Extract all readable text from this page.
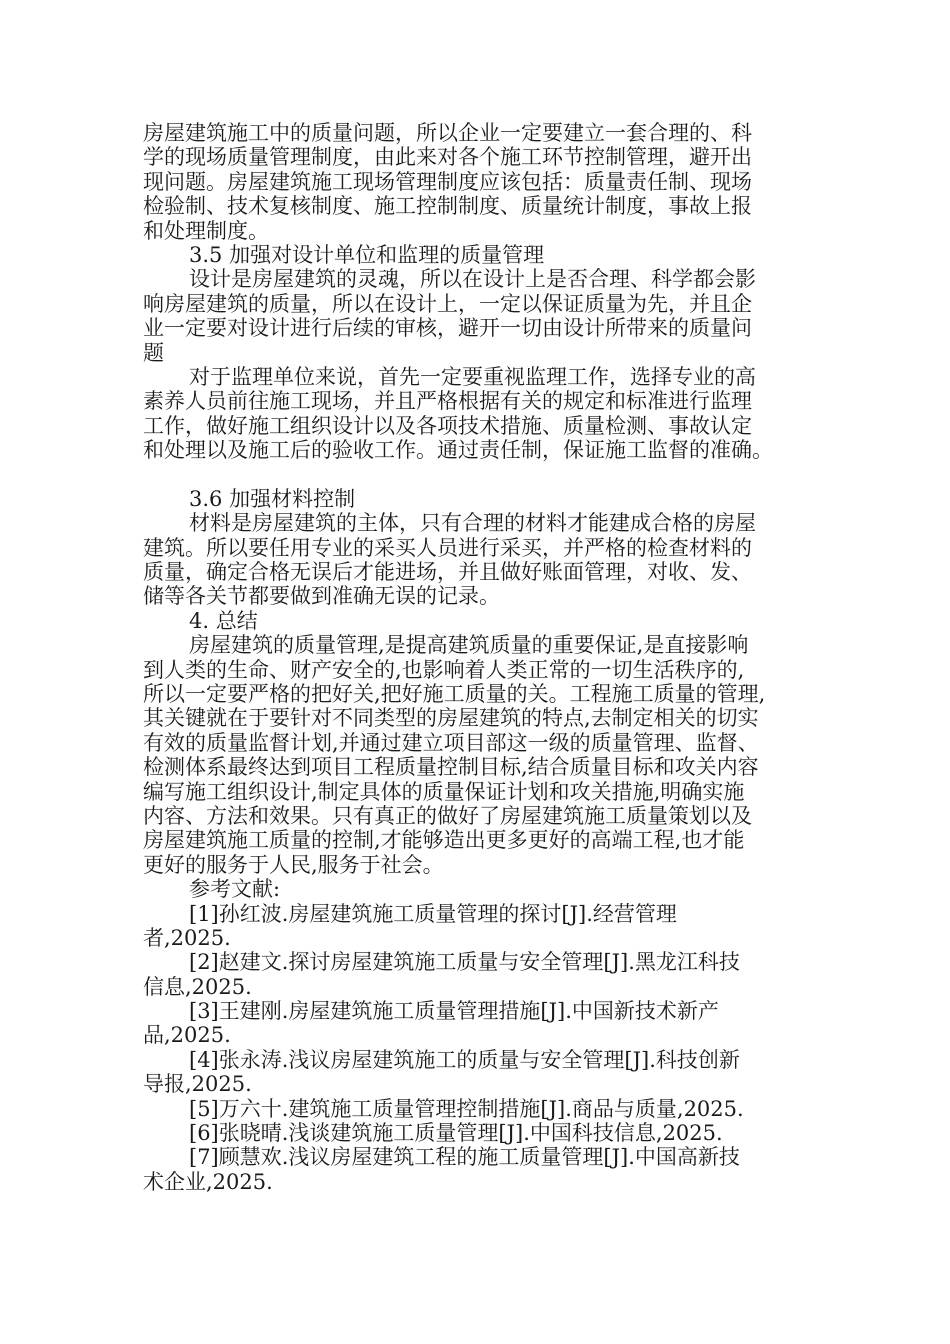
房屋建筑施工中的质量问题，所以企业一定要建立一套合理的、科
学的现场质量管理制度，由此来对各个施工环节控制管理，避开出
现问题。房屋建筑施工现场管理制度应该包括：质量责任制、现场
检验制、技术复核制度、施工控制制度、质量统计制度，事故上报
和处理制度。
3.5 加强对设计单位和监理的质量管理
设计是房屋建筑的灵魂，所以在设计上是否合理、科学都会影
响房屋建筑的质量，所以在设计上，一定以保证质量为先，并且企
业一定要对设计进行后续的审核，避开一切由设计所带来的质量问
题
对于监理单位来说，首先一定要重视监理工作，选择专业的高
素养人员前往施工现场，并且严格根据有关的规定和标准进行监理
工作，做好施工组织设计以及各项技术措施、质量检测、事故认定
和处理以及施工后的验收工作。通过责任制，保证施工监督的准确。
3.6 加强材料控制
材料是房屋建筑的主体，只有合理的材料才能建成合格的房屋
建筑。所以要任用专业的采买人员进行采买，并严格的检查材料的
质量，确定合格无误后才能进场，并且做好账面管理，对收、发、
储等各关节都要做到准确无误的记录。
4. 总结
房屋建筑的质量管理,是提高建筑质量的重要保证,是直接影响
到人类的生命、财产安全的,也影响着人类正常的一切生活秩序的,
所以一定要严格的把好关,把好施工质量的关。工程施工质量的管理,
其关键就在于要针对不同类型的房屋建筑的特点,去制定相关的切实
有效的质量监督计划,并通过建立项目部这一级的质量管理、监督、
检测体系最终达到项目工程质量控制目标,结合质量目标和攻关内容
编写施工组织设计,制定具体的质量保证计划和攻关措施,明确实施
内容、方法和效果。只有真正的做好了房屋建筑施工质量策划以及
房屋建筑施工质量的控制,才能够造出更多更好的高端工程,也才能
更好的服务于人民,服务于社会。
参考文献:
[1]孙红波.房屋建筑施工质量管理的探讨[J].经营管理
者,2025.
[2]赵建文.探讨房屋建筑施工质量与安全管理[J].黑龙江科技
信息,2025.
[3]王建刚.房屋建筑施工质量管理措施[J].中国新技术新产
品,2025.
[4]张永涛.浅议房屋建筑施工的质量与安全管理[J].科技创新
导报,2025.
[5]万六十.建筑施工质量管理控制措施[J].商品与质量,2025.
[6]张晓晴.浅谈建筑施工质量管理[J].中国科技信息,2025.
[7]顾慧欢.浅议房屋建筑工程的施工质量管理[J].中国高新技
术企业,2025.
